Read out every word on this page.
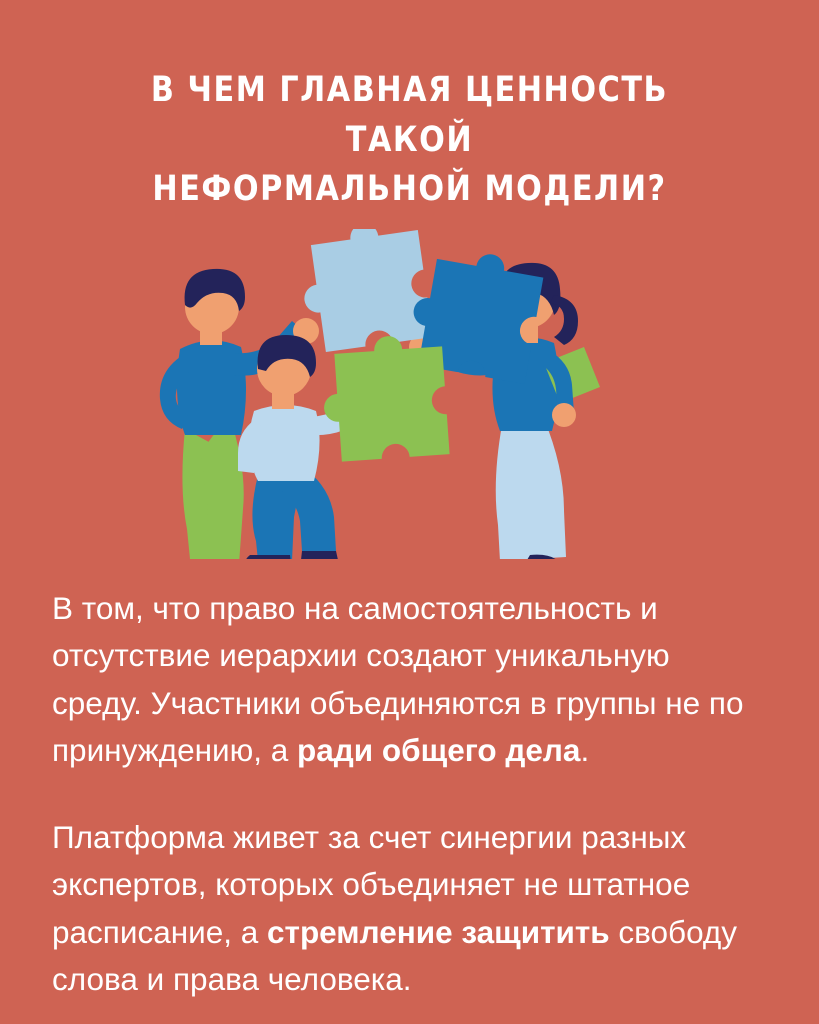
В ЧЕМ ГЛАВНАЯ ЦЕННОСТЬ ТАКОЙ
НЕФОРМАЛЬНОЙ МОДЕЛИ?

В том, что право на самостоятельность и отсутствие иерархии создают уникальную среду. Участники объединяются в группы не по принуждению, а ради общего дела.

Платформа живет за счет синергии разных экспертов, которых объединяет не штатное расписание, а стремление защитить свободу слова и права человека.
